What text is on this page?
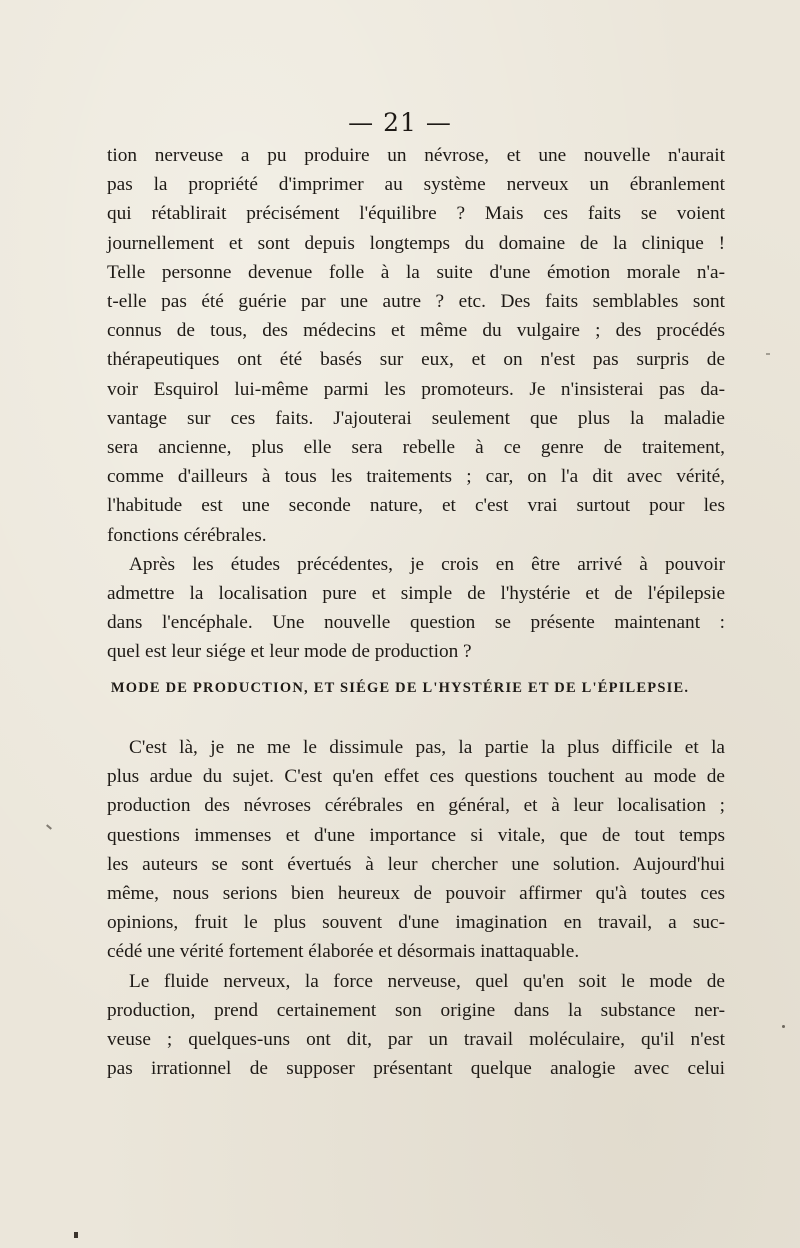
— 21 —
tion nerveuse a pu produire un névrose, et une nouvelle n'aurait
pas la propriété d'imprimer au système nerveux un ébranlement
qui rétablirait précisément l'équilibre ? Mais ces faits se voient
journellement et sont depuis longtemps du domaine de la clinique !
Telle personne devenue folle à la suite d'une émotion morale n'a-
t-elle pas été guérie par une autre ? etc. Des faits semblables sont
connus de tous, des médecins et même du vulgaire ; des procédés
thérapeutiques ont été basés sur eux, et on n'est pas surpris de
voir Esquirol lui-même parmi les promoteurs. Je n'insisterai pas da-
vantage sur ces faits. J'ajouterai seulement que plus la maladie
sera ancienne, plus elle sera rebelle à ce genre de traitement,
comme d'ailleurs à tous les traitements ; car, on l'a dit avec vérité,
l'habitude est une seconde nature, et c'est vrai surtout pour les
fonctions cérébrales.
Après les études précédentes, je crois en être arrivé à pouvoir
admettre la localisation pure et simple de l'hystérie et de l'épilepsie
dans l'encéphale. Une nouvelle question se présente maintenant :
quel est leur siége et leur mode de production ?
MODE DE PRODUCTION, ET SIÉGE DE L'HYSTÉRIE ET DE L'ÉPILEPSIE.
C'est là, je ne me le dissimule pas, la partie la plus difficile et la
plus ardue du sujet. C'est qu'en effet ces questions touchent au mode de
production des névroses cérébrales en général, et à leur localisation ;
questions immenses et d'une importance si vitale, que de tout temps
les auteurs se sont évertués à leur chercher une solution. Aujourd'hui
même, nous serions bien heureux de pouvoir affirmer qu'à toutes ces
opinions, fruit le plus souvent d'une imagination en travail, a suc-
cédé une vérité fortement élaborée et désormais inattaquable.
Le fluide nerveux, la force nerveuse, quel qu'en soit le mode de
production, prend certainement son origine dans la substance ner-
veuse ; quelques-uns ont dit, par un travail moléculaire, qu'il n'est
pas irrationnel de supposer présentant quelque analogie avec celui
